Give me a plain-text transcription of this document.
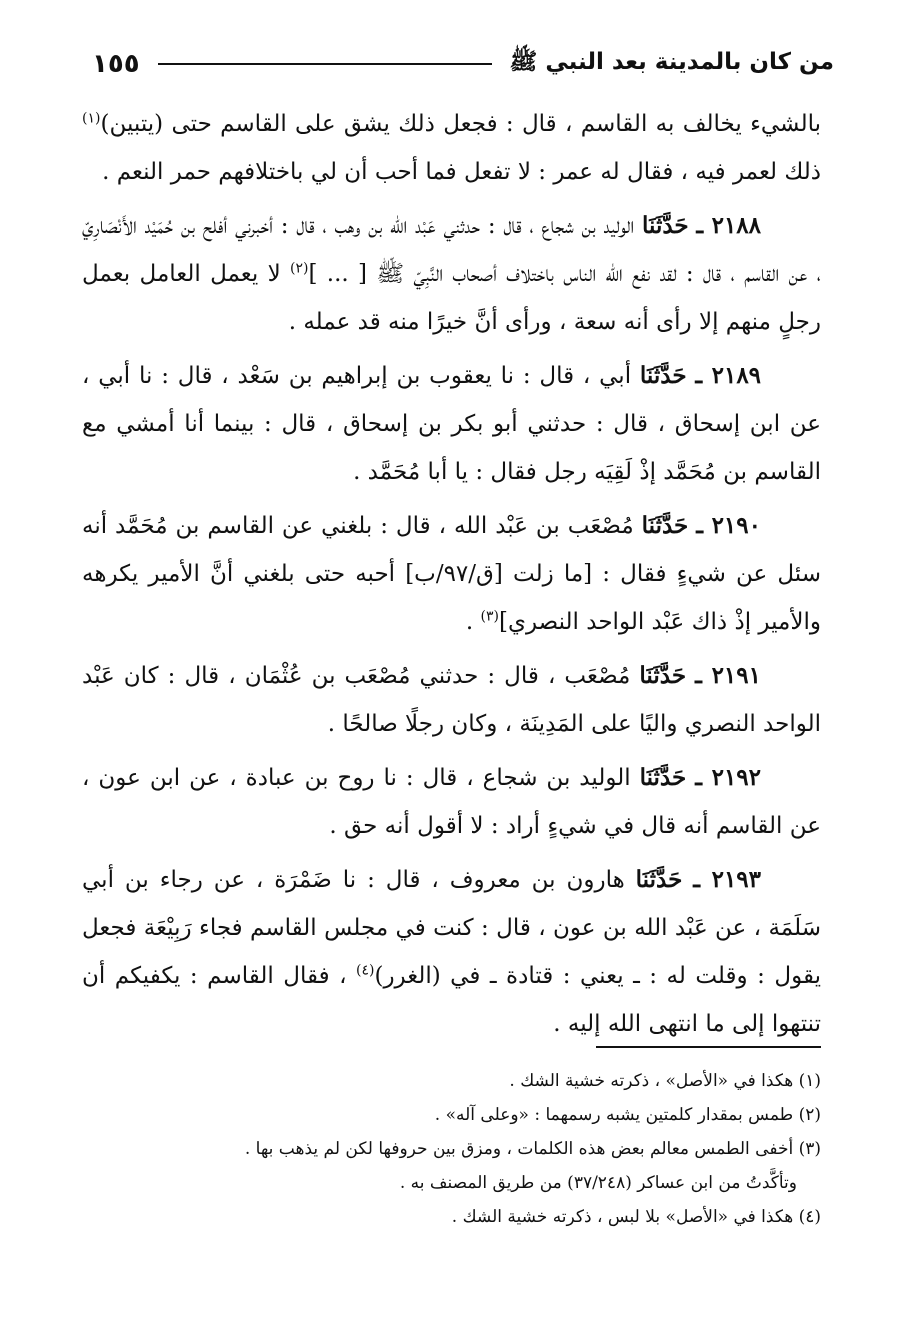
من كان بالمدينة بعد النبي ﷺ
١٥٥

بالشيء يخالف به القاسم ، قال : فجعل ذلك يشق على القاسم حتى (يتبين)$^{(١)}$ ذلك لعمر فيه ، فقال له عمر : لا تفعل فما أحب أن لي باختلافهم حمر النعم .

٢١٨٨ ـ حَدَّثَنَا الوليد بن شجاع ، قال : حدثني عَبْد الله بن وهب ، قال : أخبرني أفلح بن حُمَيْد الأَنْصَارِيّ ، عن القاسم ، قال : لقد نفع الله الناس باختلاف أصحاب النَّبِيّ ﷺ [ ... ]$^{(٢)}$ لا يعمل العامل بعمل رجلٍ منهم إلا رأى أنه سعة ، ورأى أنَّ خيرًا منه قد عمله .

٢١٨٩ ـ حَدَّثَنَا أبي ، قال : نا يعقوب بن إبراهيم بن سَعْد ، قال : نا أبي ، عن ابن إسحاق ، قال : حدثني أبو بكر بن إسحاق ، قال : بينما أنا أمشي مع القاسم بن مُحَمَّد إذْ لَقِيَه رجل فقال : يا أبا مُحَمَّد .

٢١٩٠ ـ حَدَّثَنَا مُصْعَب بن عَبْد الله ، قال : بلغني عن القاسم بن مُحَمَّد أنه سئل عن شيءٍ فقال : [ما زلت [ق/٩٧/ب] أحبه حتى بلغني أنَّ الأمير يكرهه والأمير إذْ ذاك عَبْد الواحد النصري]$^{(٣)}$ .

٢١٩١ ـ حَدَّثَنَا مُصْعَب ، قال : حدثني مُصْعَب بن عُثْمَان ، قال : كان عَبْد الواحد النصري واليًا على المَدِينَة ، وكان رجلًا صالحًا .

٢١٩٢ ـ حَدَّثَنَا الوليد بن شجاع ، قال : نا روح بن عبادة ، عن ابن عون ، عن القاسم أنه قال في شيءٍ أراد : لا أقول أنه حق .

٢١٩٣ ـ حَدَّثَنَا هارون بن معروف ، قال : نا ضَمْرَة ، عن رجاء بن أبي سَلَمَة ، عن عَبْد الله بن عون ، قال : كنت في مجلس القاسم فجاء رَبِيْعَة فجعل يقول : وقلت له : ـ يعني : قتادة ـ في (الغرر)$^{(٤)}$ ، فقال القاسم : يكفيكم أن تنتهوا إلى ما انتهى الله إليه .

(١) هكذا في «الأصل» ، ذكرته خشية الشك .
(٢) طمس بمقدار كلمتين يشبه رسمهما : «وعلى آله» .
(٣) أخفى الطمس معالم بعض هذه الكلمات ، ومزق بين حروفها لكن لم يذهب بها .
وتأكَّدتُ من ابن عساكر (٣٧/٢٤٨) من طريق المصنف به .
(٤) هكذا في «الأصل» بلا لبس ، ذكرته خشية الشك .
